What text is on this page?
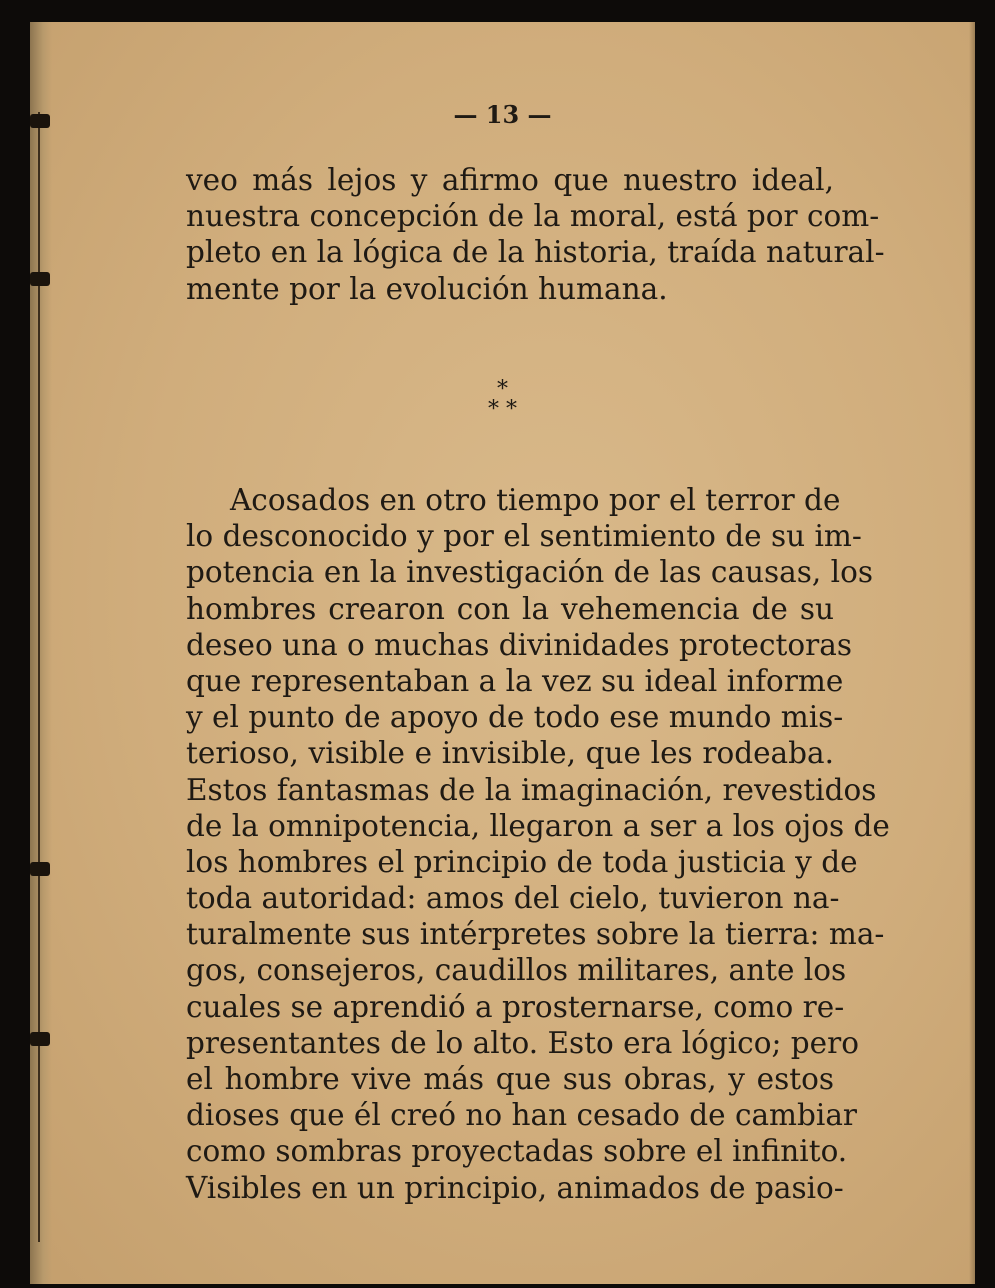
— 13 —
veo más lejos y afirmo que nuestro ideal,
nuestra concepción de la moral, está por com-
pleto en la lógica de la historia, traída natural-
mente por la evolución humana.
*
* *
Acosados en otro tiempo por el terror de
lo desconocido y por el sentimiento de su im-
potencia en la investigación de las causas, los
hombres crearon con la vehemencia de su
deseo una o muchas divinidades protectoras
que representaban a la vez su ideal informe
y el punto de apoyo de todo ese mundo mis-
terioso, visible e invisible, que les rodeaba.
Estos fantasmas de la imaginación, revestidos
de la omnipotencia, llegaron a ser a los ojos de
los hombres el principio de toda justicia y de
toda autoridad: amos del cielo, tuvieron na-
turalmente sus intérpretes sobre la tierra: ma-
gos, consejeros, caudillos militares, ante los
cuales se aprendió a prosternarse, como re-
presentantes de lo alto. Esto era lógico; pero
el hombre vive más que sus obras, y estos
dioses que él creó no han cesado de cambiar
como sombras proyectadas sobre el infinito.
Visibles en un principio, animados de pasio-
